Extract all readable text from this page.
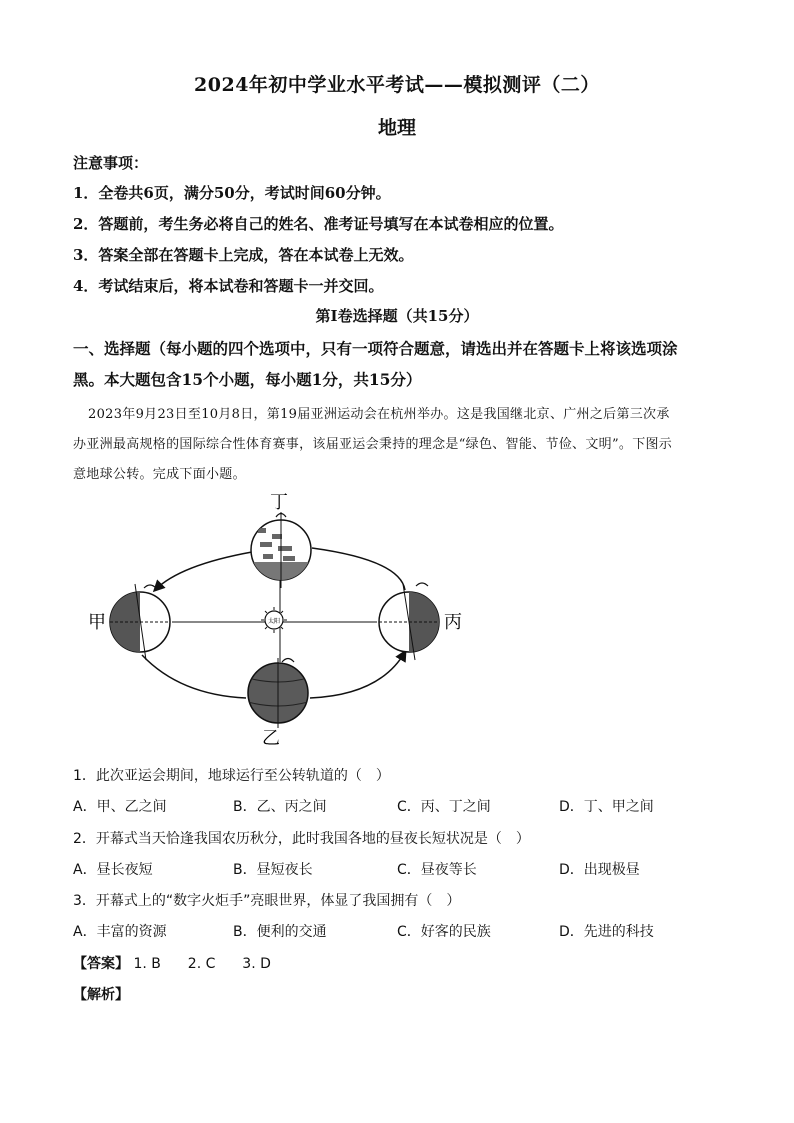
2024年初中学业水平考试——模拟测评（二）
地理
注意事项：
1．全卷共6页，满分50分，考试时间60分钟。
2．答题前，考生务必将自己的姓名、准考证号填写在本试卷相应的位置。
3．答案全部在答题卡上完成，答在本试卷上无效。
4．考试结束后，将本试卷和答题卡一并交回。
第Ⅰ卷选择题（共15分）
一、选择题（每小题的四个选项中，只有一项符合题意，请选出并在答题卡上将该选项涂
黑。本大题包含15个小题，每小题1分，共15分）
2023年9月23日至10月8日，第19届亚洲运动会在杭州举办。这是我国继北京、广州之后第三次承
办亚洲最高规格的国际综合性体育赛事，该届亚运会秉持的理念是“绿色、智能、节俭、文明”。下图示
意地球公转。完成下面小题。
太阳
丁
甲	丙
乙
1．此次亚运会期间，地球运行至公转轨道的（　）
A．甲、乙之间	B．乙、丙之间	C．丙、丁之间	D．丁、甲之间
2．开幕式当天恰逢我国农历秋分，此时我国各地的昼夜长短状况是（　）
A．昼长夜短	B．昼短夜长	C．昼夜等长	D．出现极昼
3．开幕式上的“数字火炬手”亮眼世界，体显了我国拥有（　）
A．丰富的资源	B．便利的交通	C．好客的民族	D．先进的科技
【答案】 1. B 2. C 3. D
【解析】
